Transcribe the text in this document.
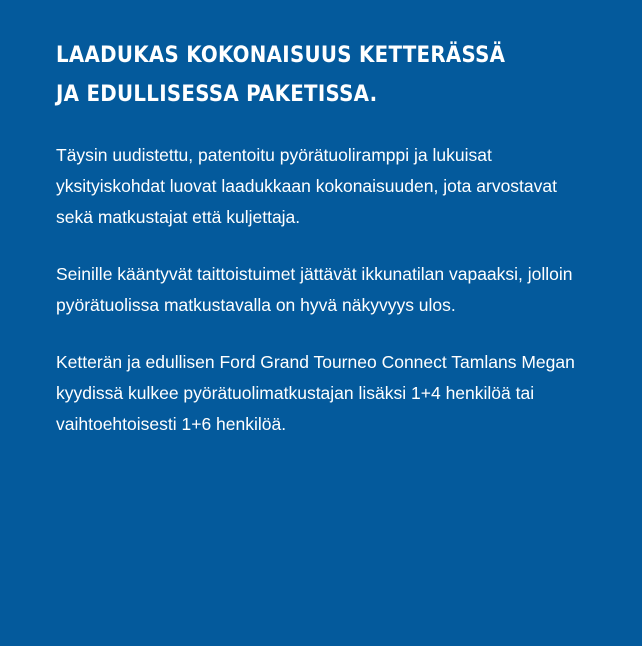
LAADUKAS KOKONAISUUS KETTERÄSSÄ JA EDULLISESSA PAKETISSA.

Täysin uudistettu, patentoitu pyörätuoliramppi ja lukuisat yksityiskohdat luovat laadukkaan kokonaisuuden, jota arvostavat sekä matkustajat että kuljettaja.

Seinille kääntyvät taittoistuimet jättävät ikkunatilan vapaaksi, jolloin pyörätuolissa matkustavalla on hyvä näkyvyys ulos.

Ketterän ja edullisen Ford Grand Tourneo Connect Tamlans Megan kyydissä kulkee pyörätuolimatkustajan lisäksi 1+4 henkilöä tai vaihtoehtoisesti 1+6 henkilöä.
